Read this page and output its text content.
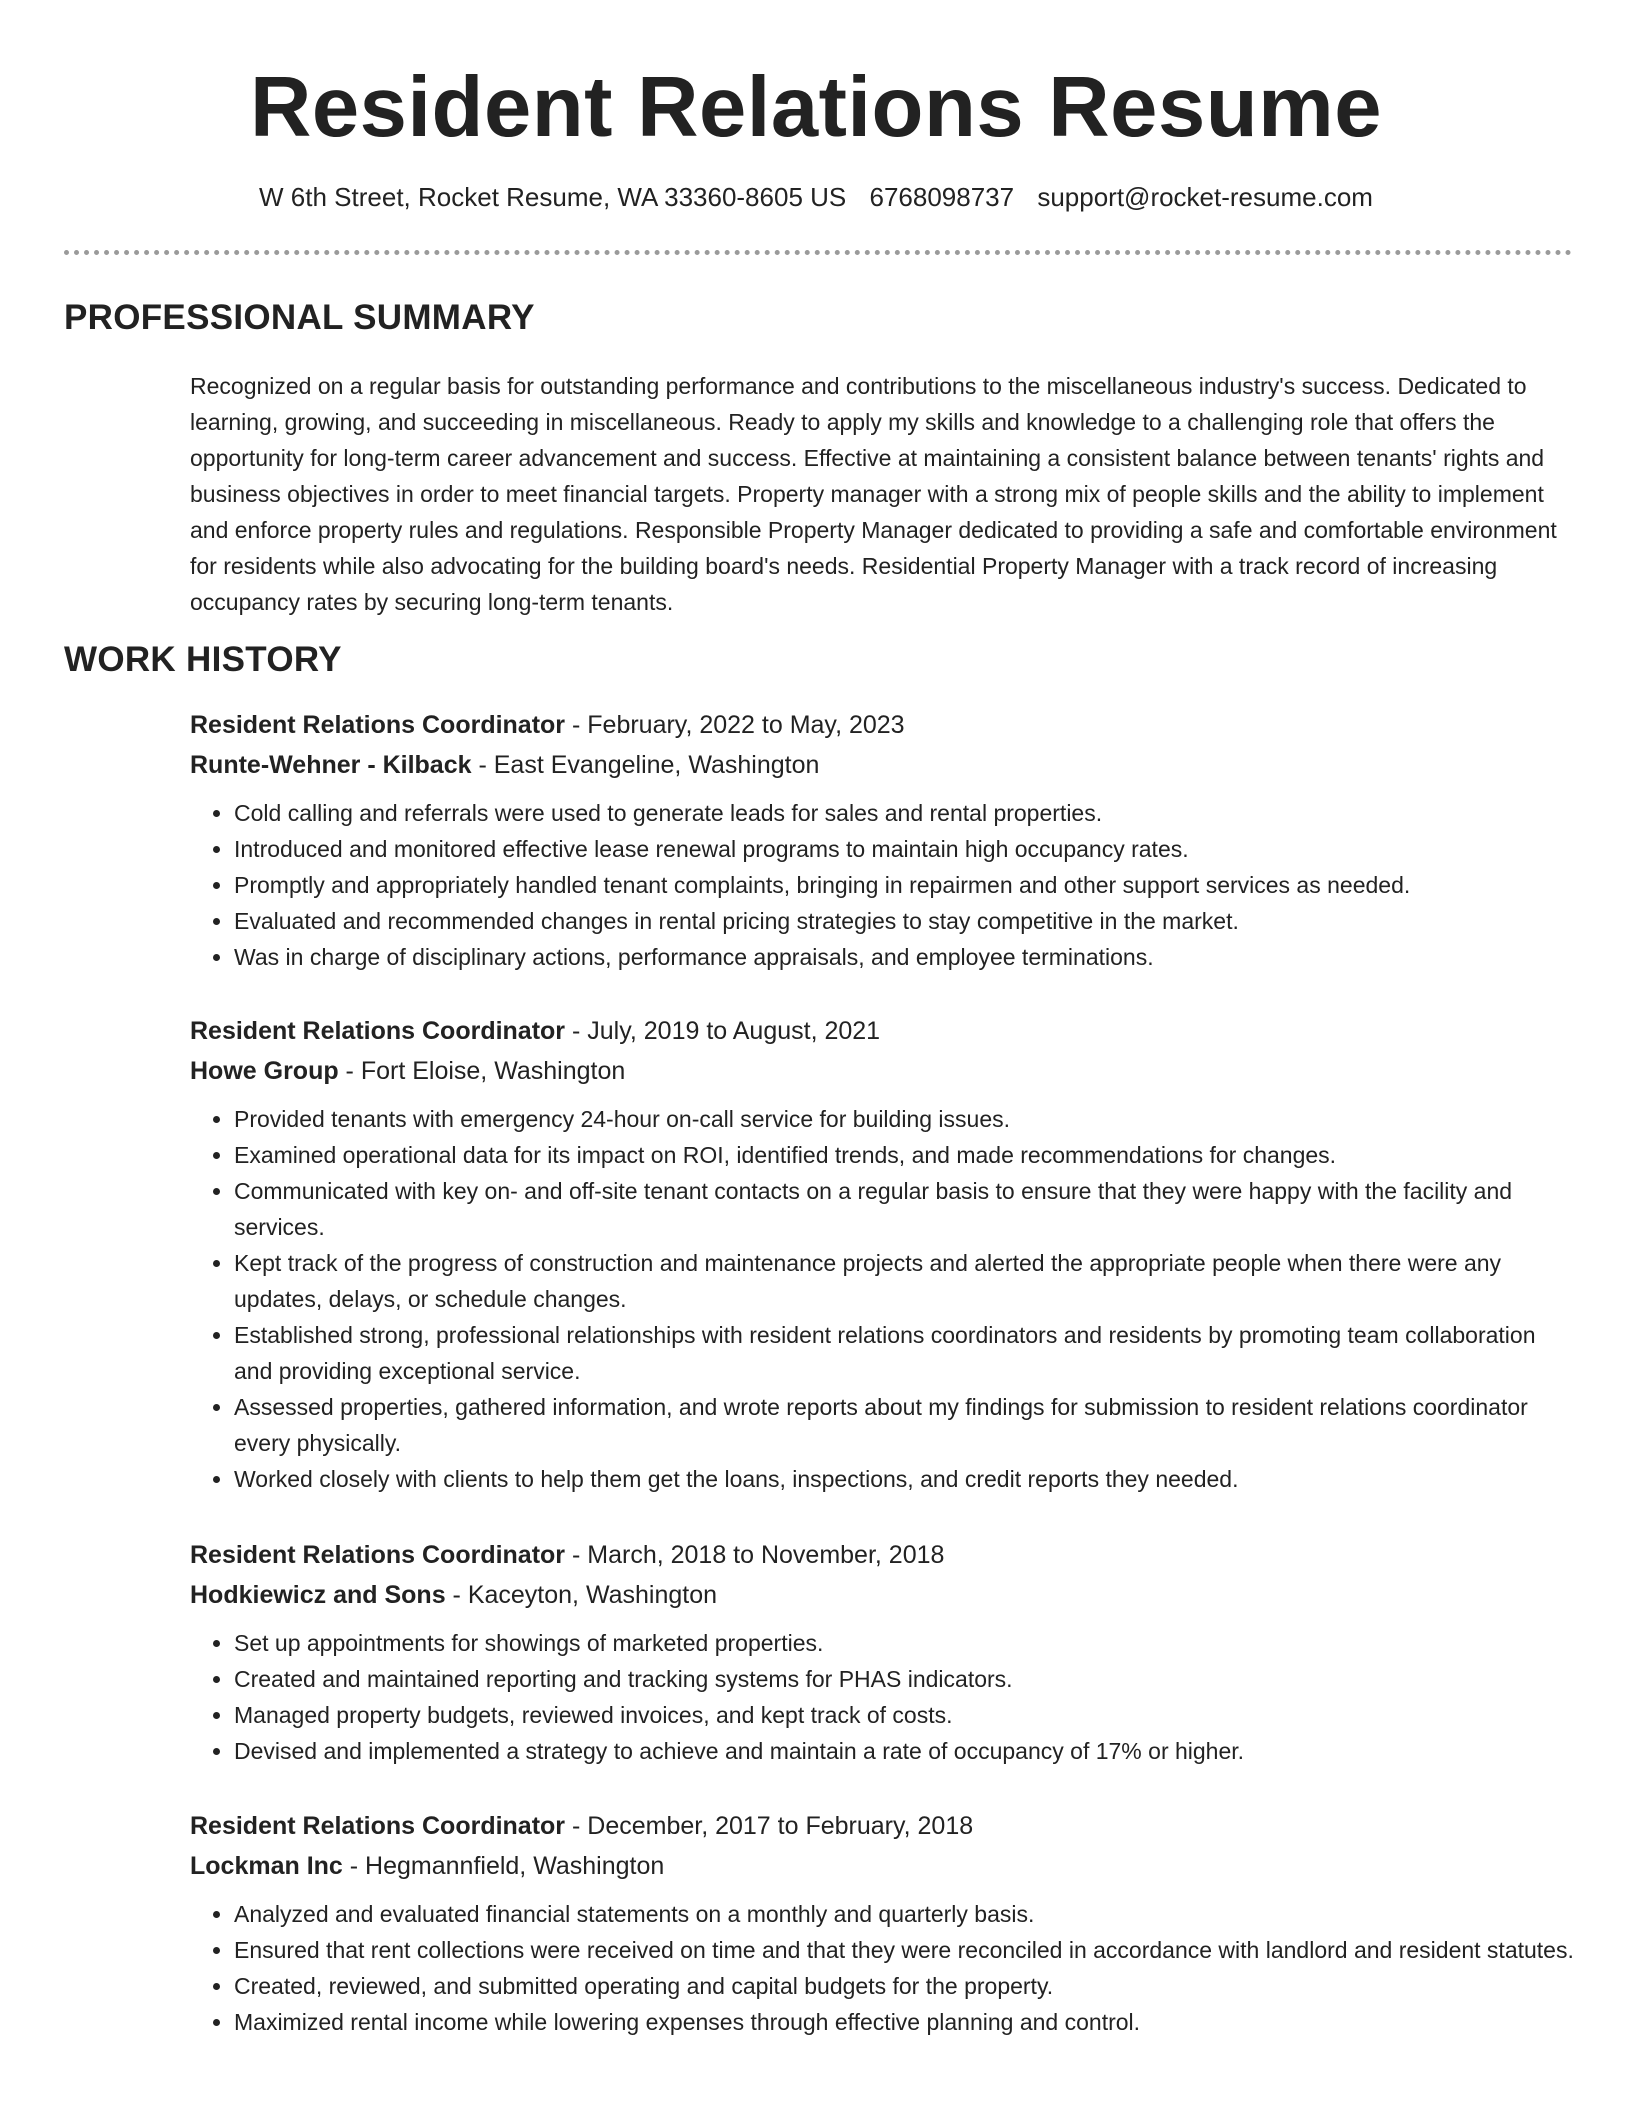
Resident Relations Resume
W 6th Street, Rocket Resume, WA 33360-8605 US 6768098737 support@rocket-resume.com
PROFESSIONAL SUMMARY

Recognized on a regular basis for outstanding performance and contributions to the miscellaneous industry's success. Dedicated to learning, growing, and succeeding in miscellaneous. Ready to apply my skills and knowledge to a challenging role that offers the opportunity for long-term career advancement and success. Effective at maintaining a consistent balance between tenants' rights and business objectives in order to meet financial targets. Property manager with a strong mix of people skills and the ability to implement and enforce property rules and regulations. Responsible Property Manager dedicated to providing a safe and comfortable environment for residents while also advocating for the building board's needs. Residential Property Manager with a track record of increasing occupancy rates by securing long-term tenants.

WORK HISTORY

Resident Relations Coordinator - February, 2022 to May, 2023

Runte-Wehner - Kilback - East Evangeline, Washington

• Cold calling and referrals were used to generate leads for sales and rental properties.
• Introduced and monitored effective lease renewal programs to maintain high occupancy rates.
• Promptly and appropriately handled tenant complaints, bringing in repairmen and other support services as needed.
• Evaluated and recommended changes in rental pricing strategies to stay competitive in the market.
• Was in charge of disciplinary actions, performance appraisals, and employee terminations.

Resident Relations Coordinator - July, 2019 to August, 2021

Howe Group - Fort Eloise, Washington

• Provided tenants with emergency 24-hour on-call service for building issues.
• Examined operational data for its impact on ROI, identified trends, and made recommendations for changes.
• Communicated with key on- and off-site tenant contacts on a regular basis to ensure that they were happy with the facility and services.
• Kept track of the progress of construction and maintenance projects and alerted the appropriate people when there were any updates, delays, or schedule changes.
• Established strong, professional relationships with resident relations coordinators and residents by promoting team collaboration and providing exceptional service.
• Assessed properties, gathered information, and wrote reports about my findings for submission to resident relations coordinator every physically.
• Worked closely with clients to help them get the loans, inspections, and credit reports they needed.

Resident Relations Coordinator - March, 2018 to November, 2018

Hodkiewicz and Sons - Kaceyton, Washington

• Set up appointments for showings of marketed properties.
• Created and maintained reporting and tracking systems for PHAS indicators.
• Managed property budgets, reviewed invoices, and kept track of costs.
• Devised and implemented a strategy to achieve and maintain a rate of occupancy of 17% or higher.

Resident Relations Coordinator - December, 2017 to February, 2018

Lockman Inc - Hegmannfield, Washington

• Analyzed and evaluated financial statements on a monthly and quarterly basis.
• Ensured that rent collections were received on time and that they were reconciled in accordance with landlord and resident statutes.
• Created, reviewed, and submitted operating and capital budgets for the property.
• Maximized rental income while lowering expenses through effective planning and control.
